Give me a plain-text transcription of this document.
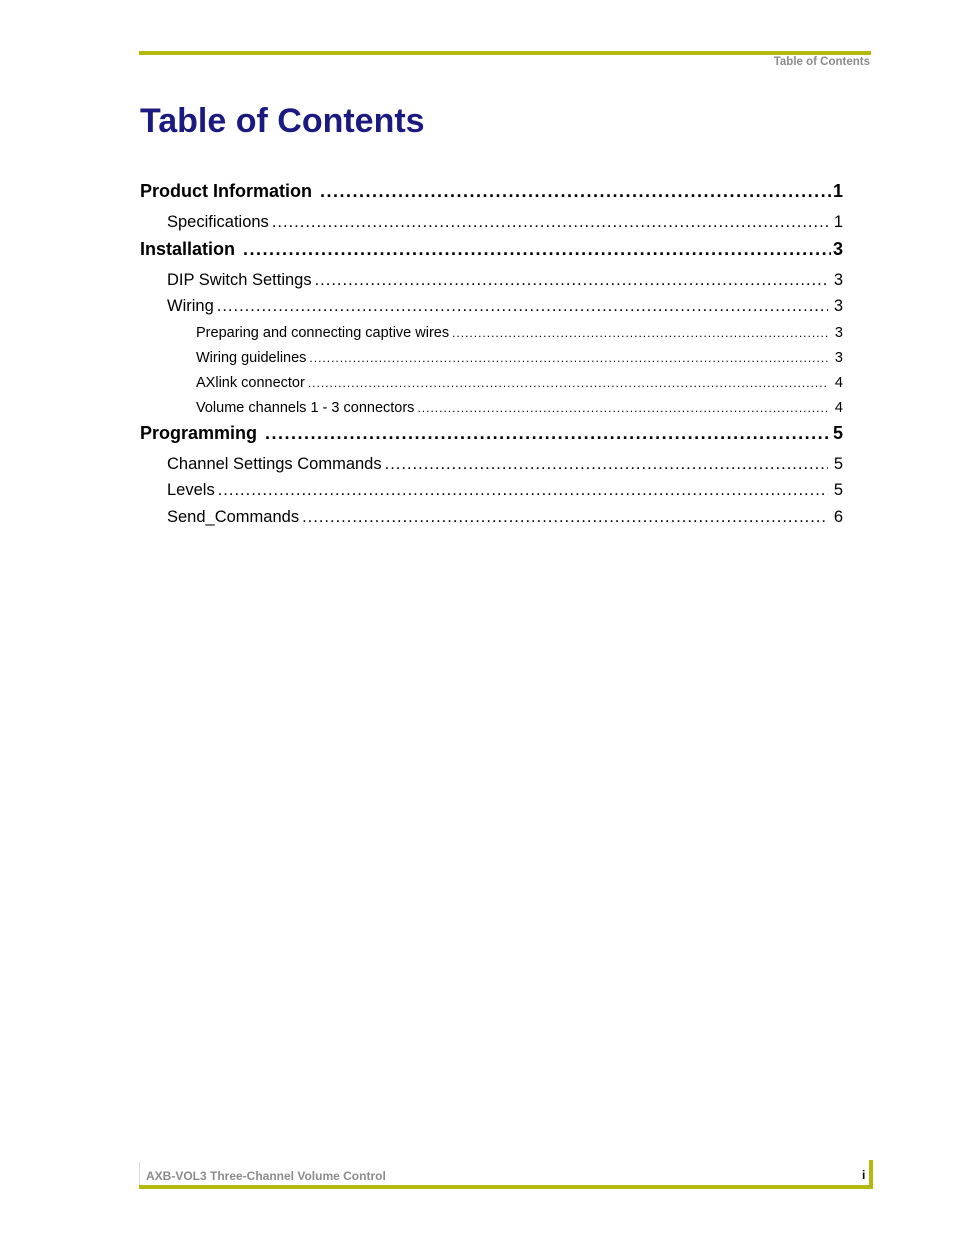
Table of Contents
Table of Contents
Product Information .....	1
Specifications .....	1
Installation .....	3
DIP Switch Settings .....	3
Wiring .....	3
Preparing and connecting captive wires .....	3
Wiring guidelines .....	3
AXlink connector .....	4
Volume channels 1 - 3 connectors .....	4
Programming .....	5
Channel Settings Commands .....	5
Levels .....	5
Send_Commands .....	6
AXB-VOL3 Three-Channel Volume Control	i
